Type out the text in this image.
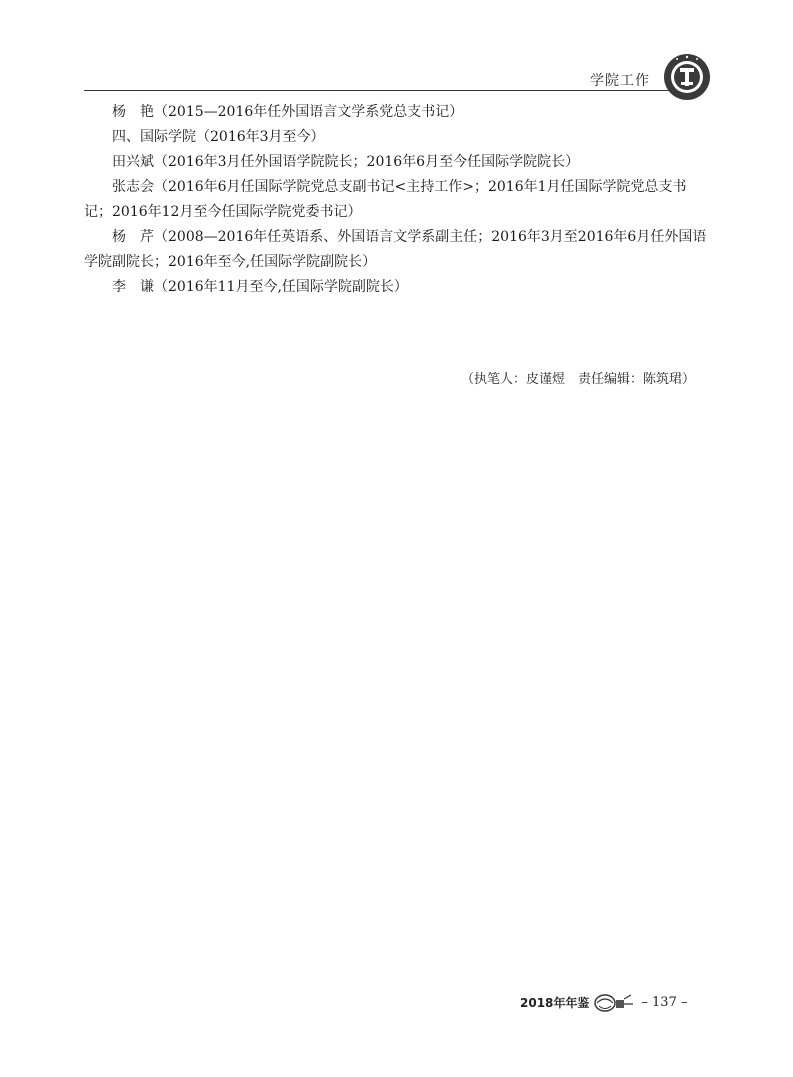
学院工作

杨　艳（2015—2016年任外国语言文学系党总支书记）

四、国际学院（2016年3月至今）

田兴斌（2016年3月任外国语学院院长；2016年6月至今任国际学院院长）

张志会（2016年6月任国际学院党总支副书记<主持工作>；2016年1月任国际学院党总支书记；2016年12月至今任国际学院党委书记）

杨　芹（2008—2016年任英语系、外国语言文学系副主任；2016年3月至2016年6月任外国语学院副院长；2016年至今,任国际学院副院长）

李　谦（2016年11月至今,任国际学院副院长）

（执笔人：皮谨煜　责任编辑：陈筑珺）
2018年年鉴	– 137 –
